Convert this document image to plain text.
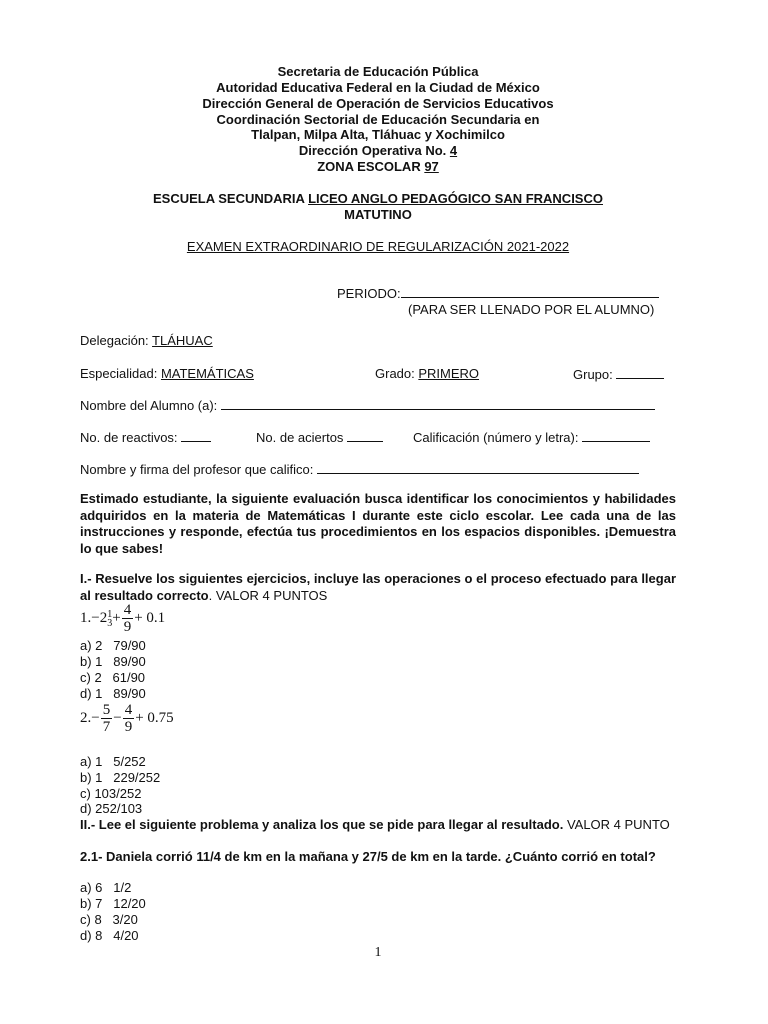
Secretaria de Educación Pública
Autoridad Educativa Federal en la Ciudad de México
Dirección General de Operación de Servicios Educativos
Coordinación Sectorial de Educación Secundaria en
Tlalpan, Milpa Alta, Tláhuac y Xochimilco
Dirección Operativa No. 4
ZONA ESCOLAR 97
ESCUELA SECUNDARIA LICEO ANGLO PEDAGÓGICO SAN FRANCISCO
MATUTINO
EXAMEN EXTRAORDINARIO DE REGULARIZACIÓN 2021-2022
PERIODO:
(PARA SER LLENADO POR EL ALUMNO)
Delegación: TLÁHUAC
Especialidad: MATEMÁTICAS	Grado: PRIMERO	Grupo:
Nombre del Alumno (a):
No. de reactivos:	No. de aciertos	Calificación (número y letra):
Nombre y firma del profesor que califico:
Estimado estudiante, la siguiente evaluación busca identificar los conocimientos y habilidades adquiridos en la materia de Matemáticas I durante este ciclo escolar. Lee cada una de las instrucciones y responde, efectúa tus procedimientos en los espacios disponibles. ¡Demuestra lo que sabes!
I.- Resuelve los siguientes ejercicios, incluye las operaciones o el proceso efectuado para llegar al resultado correcto. VALOR 4 PUNTOS
1.−2 1
$3 + \frac{4}{9} + 0.1$
a) 2   79/90
b) 1   89/90
c) 2   61/90
d) 1   89/90
$2.- \frac{5}{7} - \frac{4}{9} + 0.75$
a) 1   5/252
b) 1   229/252
c) 103/252
d) 252/103
II.- Lee el siguiente problema y analiza los que se pide para llegar al resultado. VALOR 4 PUNTO
2.1- Daniela corrió 11/4 de km en la mañana y 27/5 de km en la tarde. ¿Cuánto corrió en total?
a) 6   1/2
b) 7   12/20
c) 8   3/20
d) 8   4/20
1
